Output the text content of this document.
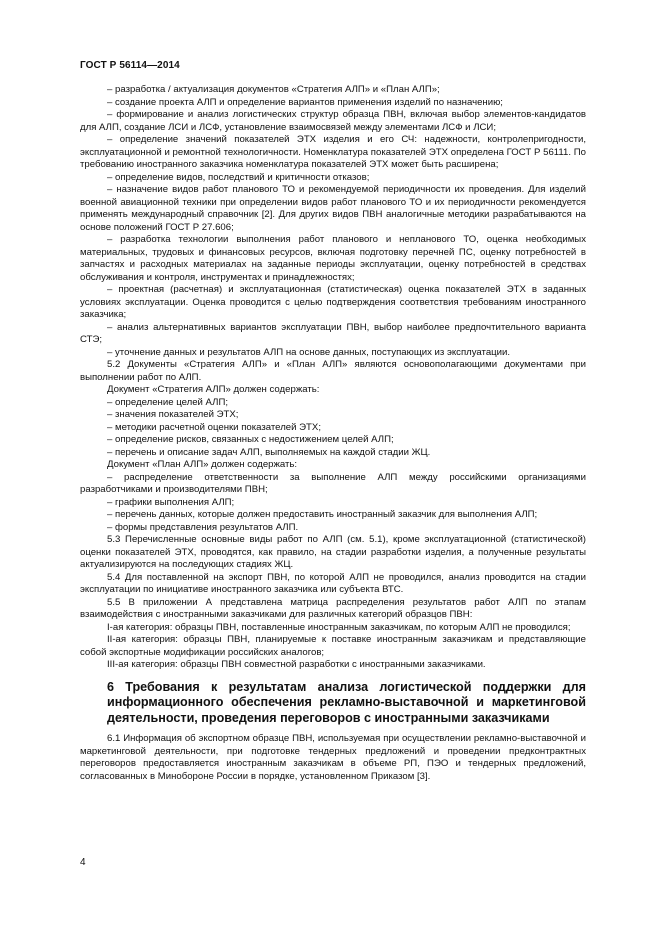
ГОСТ Р 56114—2014

– разработка / актуализация документов «Стратегия АЛП» и «План АЛП»;

– создание проекта АЛП и определение вариантов применения изделий по назначению;

– формирование и анализ логистических структур образца ПВН, включая выбор элементов-кандидатов для АЛП, создание ЛСИ и ЛСФ, установление взаимосвязей между элементами ЛСФ и ЛСИ;

– определение значений показателей ЭТХ изделия и его СЧ: надежности, контролепригодности, эксплуатационной и ремонтной технологичности. Номенклатура показателей ЭТХ определена ГОСТ Р 56111. По требованию иностранного заказчика номенклатура показателей ЭТХ может быть расширена;

– определение видов, последствий и критичности отказов;

– назначение видов работ планового ТО и рекомендуемой периодичности их проведения. Для изделий военной авиационной техники при определении видов работ планового ТО и их периодичности рекомендуется применять международный справочник [2]. Для других видов ПВН аналогичные методики разрабатываются на основе положений ГОСТ Р 27.606;

– разработка технологии выполнения работ планового и непланового ТО, оценка необходимых материальных, трудовых и финансовых ресурсов, включая подготовку перечней ПС, оценку потребностей в запчастях и расходных материалах на заданные периоды эксплуатации, оценку потребностей в средствах обслуживания и контроля, инструментах и принадлежностях;

– проектная (расчетная) и эксплуатационная (статистическая) оценка показателей ЭТХ в заданных условиях эксплуатации. Оценка проводится с целью подтверждения соответствия требованиям иностранного заказчика;

– анализ альтернативных вариантов эксплуатации ПВН, выбор наиболее предпочтительного варианта СТЭ;

– уточнение данных и результатов АЛП на основе данных, поступающих из эксплуатации.

5.2 Документы «Стратегия АЛП» и «План АЛП» являются основополагающими документами при выполнении работ по АЛП.

Документ «Стратегия АЛП» должен содержать:

– определение целей АЛП;

– значения показателей ЭТХ;

– методики расчетной оценки показателей ЭТХ;

– определение рисков, связанных с недостижением целей АЛП;

– перечень и описание задач АЛП, выполняемых на каждой стадии ЖЦ.

Документ «План АЛП» должен содержать:

– распределение ответственности за выполнение АЛП между российскими организациями разработчиками и производителями ПВН;

– графики выполнения АЛП;

– перечень данных, которые должен предоставить иностранный заказчик для выполнения АЛП;

– формы представления результатов АЛП.

5.3 Перечисленные основные виды работ по АЛП (см. 5.1), кроме эксплуатационной (статистической) оценки показателей ЭТХ, проводятся, как правило, на стадии разработки изделия, а полученные результаты актуализируются на последующих стадиях ЖЦ.

5.4 Для поставленной на экспорт ПВН, по которой АЛП не проводился, анализ проводится на стадии эксплуатации по инициативе иностранного заказчика или субъекта ВТС.

5.5 В приложении А представлена матрица распределения результатов работ АЛП по этапам взаимодействия с иностранными заказчиками для различных категорий образцов ПВН:

I-ая категория: образцы ПВН, поставленные иностранным заказчикам, по которым АЛП не проводился;

II-ая категория: образцы ПВН, планируемые к поставке иностранным заказчикам и представляющие собой экспортные модификации российских аналогов;

III-ая категория: образцы ПВН совместной разработки с иностранными заказчиками.

6 Требования к результатам анализа логистической поддержки для информационного обеспечения рекламно-выставочной и маркетинговой деятельности, проведения переговоров с иностранными заказчиками

6.1 Информация об экспортном образце ПВН, используемая при осуществлении рекламно-выставочной и маркетинговой деятельности, при подготовке тендерных предложений и проведении предконтрактных переговоров предоставляется иностранным заказчикам в объеме РП, ПЭО и тендерных предложений, согласованных в Минобороне России в порядке, установленном Приказом [3].

4
